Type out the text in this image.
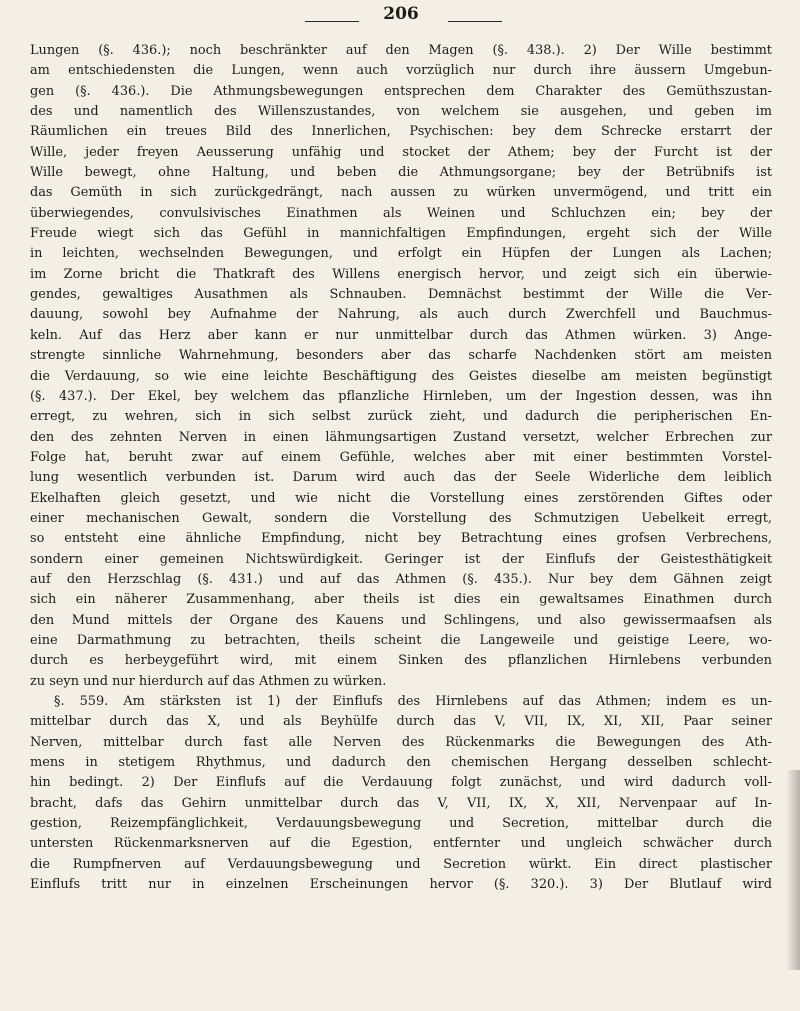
206
Lungen (§. 436.); noch beschränkter auf den Magen (§. 438.). 2) Der Wille bestimmt
am entschiedensten die Lungen, wenn auch vorzüglich nur durch ihre äussern Umgebun-
gen (§. 436.). Die Athmungsbewegungen entsprechen dem Charakter des Gemüthszustan-
des und namentlich des Willenszustandes, von welchem sie ausgehen, und geben im
Räumlichen ein treues Bild des Innerlichen, Psychischen: bey dem Schrecke erstarrt der
Wille, jeder freyen Aeusserung unfähig und stocket der Athem; bey der Furcht ist der
Wille bewegt, ohne Haltung, und beben die Athmungsorgane; bey der Betrübnifs ist
das Gemüth in sich zurückgedrängt, nach aussen zu würken unvermögend, und tritt ein
überwiegendes, convulsivisches Einathmen als Weinen und Schluchzen ein; bey der
Freude wiegt sich das Gefühl in mannichfaltigen Empfindungen, ergeht sich der Wille
in leichten, wechselnden Bewegungen, und erfolgt ein Hüpfen der Lungen als Lachen;
im Zorne bricht die Thatkraft des Willens energisch hervor, und zeigt sich ein überwie-
gendes, gewaltiges Ausathmen als Schnauben. Demnächst bestimmt der Wille die Ver-
dauung, sowohl bey Aufnahme der Nahrung, als auch durch Zwerchfell und Bauchmus-
keln. Auf das Herz aber kann er nur unmittelbar durch das Athmen würken. 3) Ange-
strengte sinnliche Wahrnehmung, besonders aber das scharfe Nachdenken stört am meisten
die Verdauung, so wie eine leichte Beschäftigung des Geistes dieselbe am meisten begünstigt
(§. 437.). Der Ekel, bey welchem das pflanzliche Hirnleben, um der Ingestion dessen, was ihn
erregt, zu wehren, sich in sich selbst zurück zieht, und dadurch die peripherischen En-
den des zehnten Nerven in einen lähmungsartigen Zustand versetzt, welcher Erbrechen zur
Folge hat, beruht zwar auf einem Gefühle, welches aber mit einer bestimmten Vorstel-
lung wesentlich verbunden ist. Darum wird auch das der Seele Widerliche dem leiblich
Ekelhaften gleich gesetzt, und wie nicht die Vorstellung eines zerstörenden Giftes oder
einer mechanischen Gewalt, sondern die Vorstellung des Schmutzigen Uebelkeit erregt,
so entsteht eine ähnliche Empfindung, nicht bey Betrachtung eines grofsen Verbrechens,
sondern einer gemeinen Nichtswürdigkeit. Geringer ist der Einflufs der Geistesthätigkeit
auf den Herzschlag (§. 431.) und auf das Athmen (§. 435.). Nur bey dem Gähnen zeigt
sich ein näherer Zusammenhang, aber theils ist dies ein gewaltsames Einathmen durch
den Mund mittels der Organe des Kauens und Schlingens, und also gewissermaafsen als
eine Darmathmung zu betrachten, theils scheint die Langeweile und geistige Leere, wo-
durch es herbeygeführt wird, mit einem Sinken des pflanzlichen Hirnlebens verbunden
zu seyn und nur hierdurch auf das Athmen zu würken.
§. 559. Am stärksten ist 1) der Einflufs des Hirnlebens auf das Athmen; indem es un-
mittelbar durch das X, und als Beyhülfe durch das V, VII, IX, XI, XII, Paar seiner
Nerven, mittelbar durch fast alle Nerven des Rückenmarks die Bewegungen des Ath-
mens in stetigem Rhythmus, und dadurch den chemischen Hergang desselben schlecht-
hin bedingt. 2) Der Einflufs auf die Verdauung folgt zunächst, und wird dadurch voll-
bracht, dafs das Gehirn unmittelbar durch das V, VII, IX, X, XII, Nervenpaar auf In-
gestion, Reizempfänglichkeit, Verdauungsbewegung und Secretion, mittelbar durch die
untersten Rückenmarksnerven auf die Egestion, entfernter und ungleich schwächer durch
die Rumpfnerven auf Verdauungsbewegung und Secretion würkt. Ein direct plastischer
Einflufs tritt nur in einzelnen Erscheinungen hervor (§. 320.). 3) Der Blutlauf wird
